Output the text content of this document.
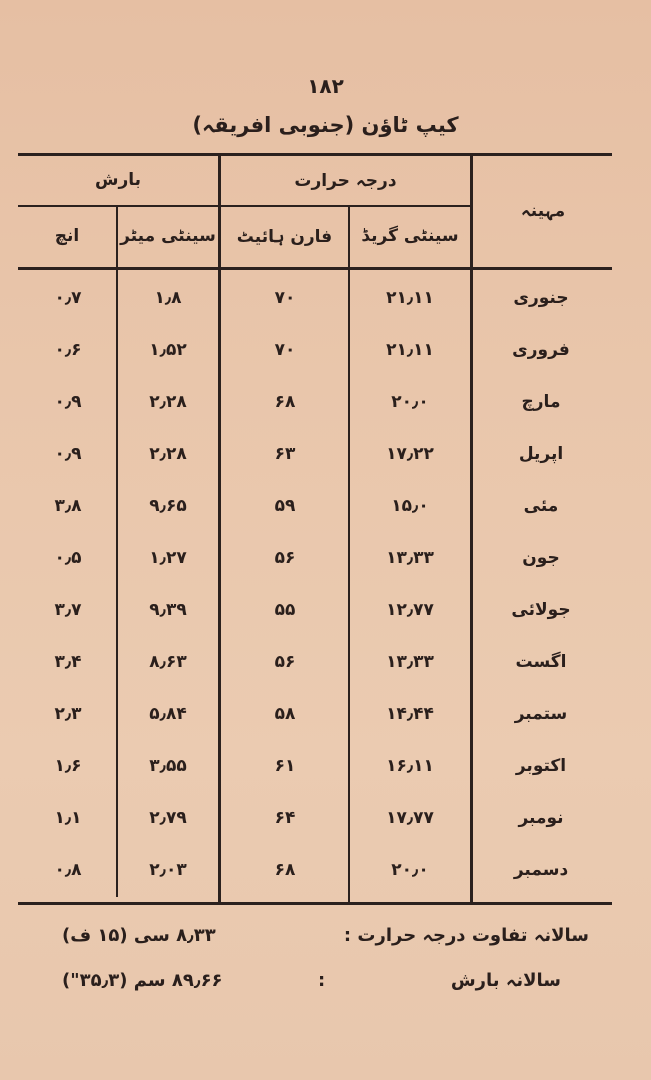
۱۸۲
کیپ ٹاؤن (جنوبی افریقہ)
مہینہ
درجہ حرارت
بارش
سینٹی گریڈ
فارن ہائیٹ
سینٹی میٹر
انچ
جنوری
۲۱٫۱۱
۷۰
۱٫۸
۰٫۷
فروری
۲۱٫۱۱
۷۰
۱٫۵۲
۰٫۶
مارچ
۲۰٫۰
۶۸
۲٫۲۸
۰٫۹
اپریل
۱۷٫۲۲
۶۳
۲٫۲۸
۰٫۹
مئی
۱۵٫۰
۵۹
۹٫۶۵
۳٫۸
جون
۱۳٫۳۳
۵۶
۱٫۲۷
۰٫۵
جولائی
۱۲٫۷۷
۵۵
۹٫۳۹
۳٫۷
اگست
۱۳٫۳۳
۵۶
۸٫۶۳
۳٫۴
ستمبر
۱۴٫۴۴
۵۸
۵٫۸۴
۲٫۳
اکتوبر
۱۶٫۱۱
۶۱
۳٫۵۵
۱٫۶
نومبر
۱۷٫۷۷
۶۴
۲٫۷۹
۱٫۱
دسمبر
۲۰٫۰
۶۸
۲٫۰۳
۰٫۸
سالانہ تفاوت درجہ حرارت :
۸٫۳۳ سی (۱۵ ف)
سالانہ بارش
:
۸۹٫۶۶ سم (۳۵٫۳")
